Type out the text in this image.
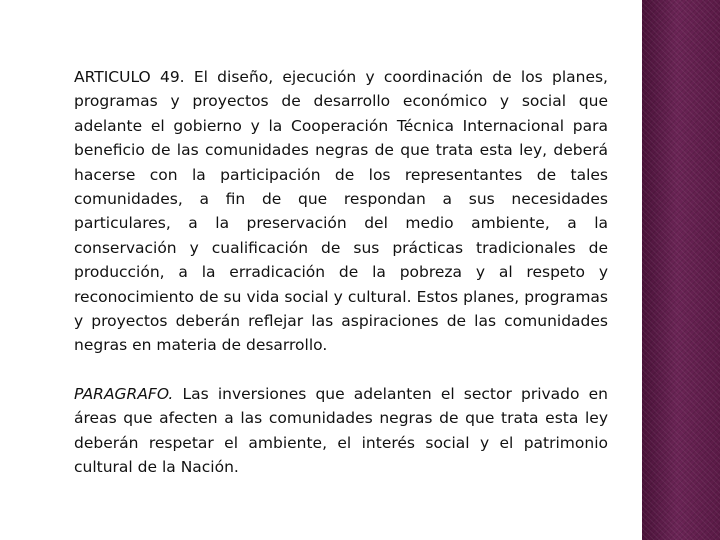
ARTICULO 49. El diseño, ejecución y coordinación de los planes, programas y proyectos de desarrollo económico y social que adelante el gobierno y la Cooperación Técnica Internacional para beneficio de las comunidades negras de que trata esta ley, deberá hacerse con la participación de los representantes de tales comunidades, a fin de que respondan a sus necesidades particulares, a la preservación del medio ambiente, a la conservación y cualificación de sus prácticas tradicionales de producción, a la erradicación de la pobreza y al respeto y reconocimiento de su vida social y cultural. Estos planes, programas y proyectos deberán reflejar las aspiraciones de las comunidades negras en materia de desarrollo.

PARAGRAFO. Las inversiones que adelanten el sector privado en áreas que afecten a las comunidades negras de que trata esta ley deberán respetar el ambiente, el interés social y el patrimonio cultural de la Nación.
